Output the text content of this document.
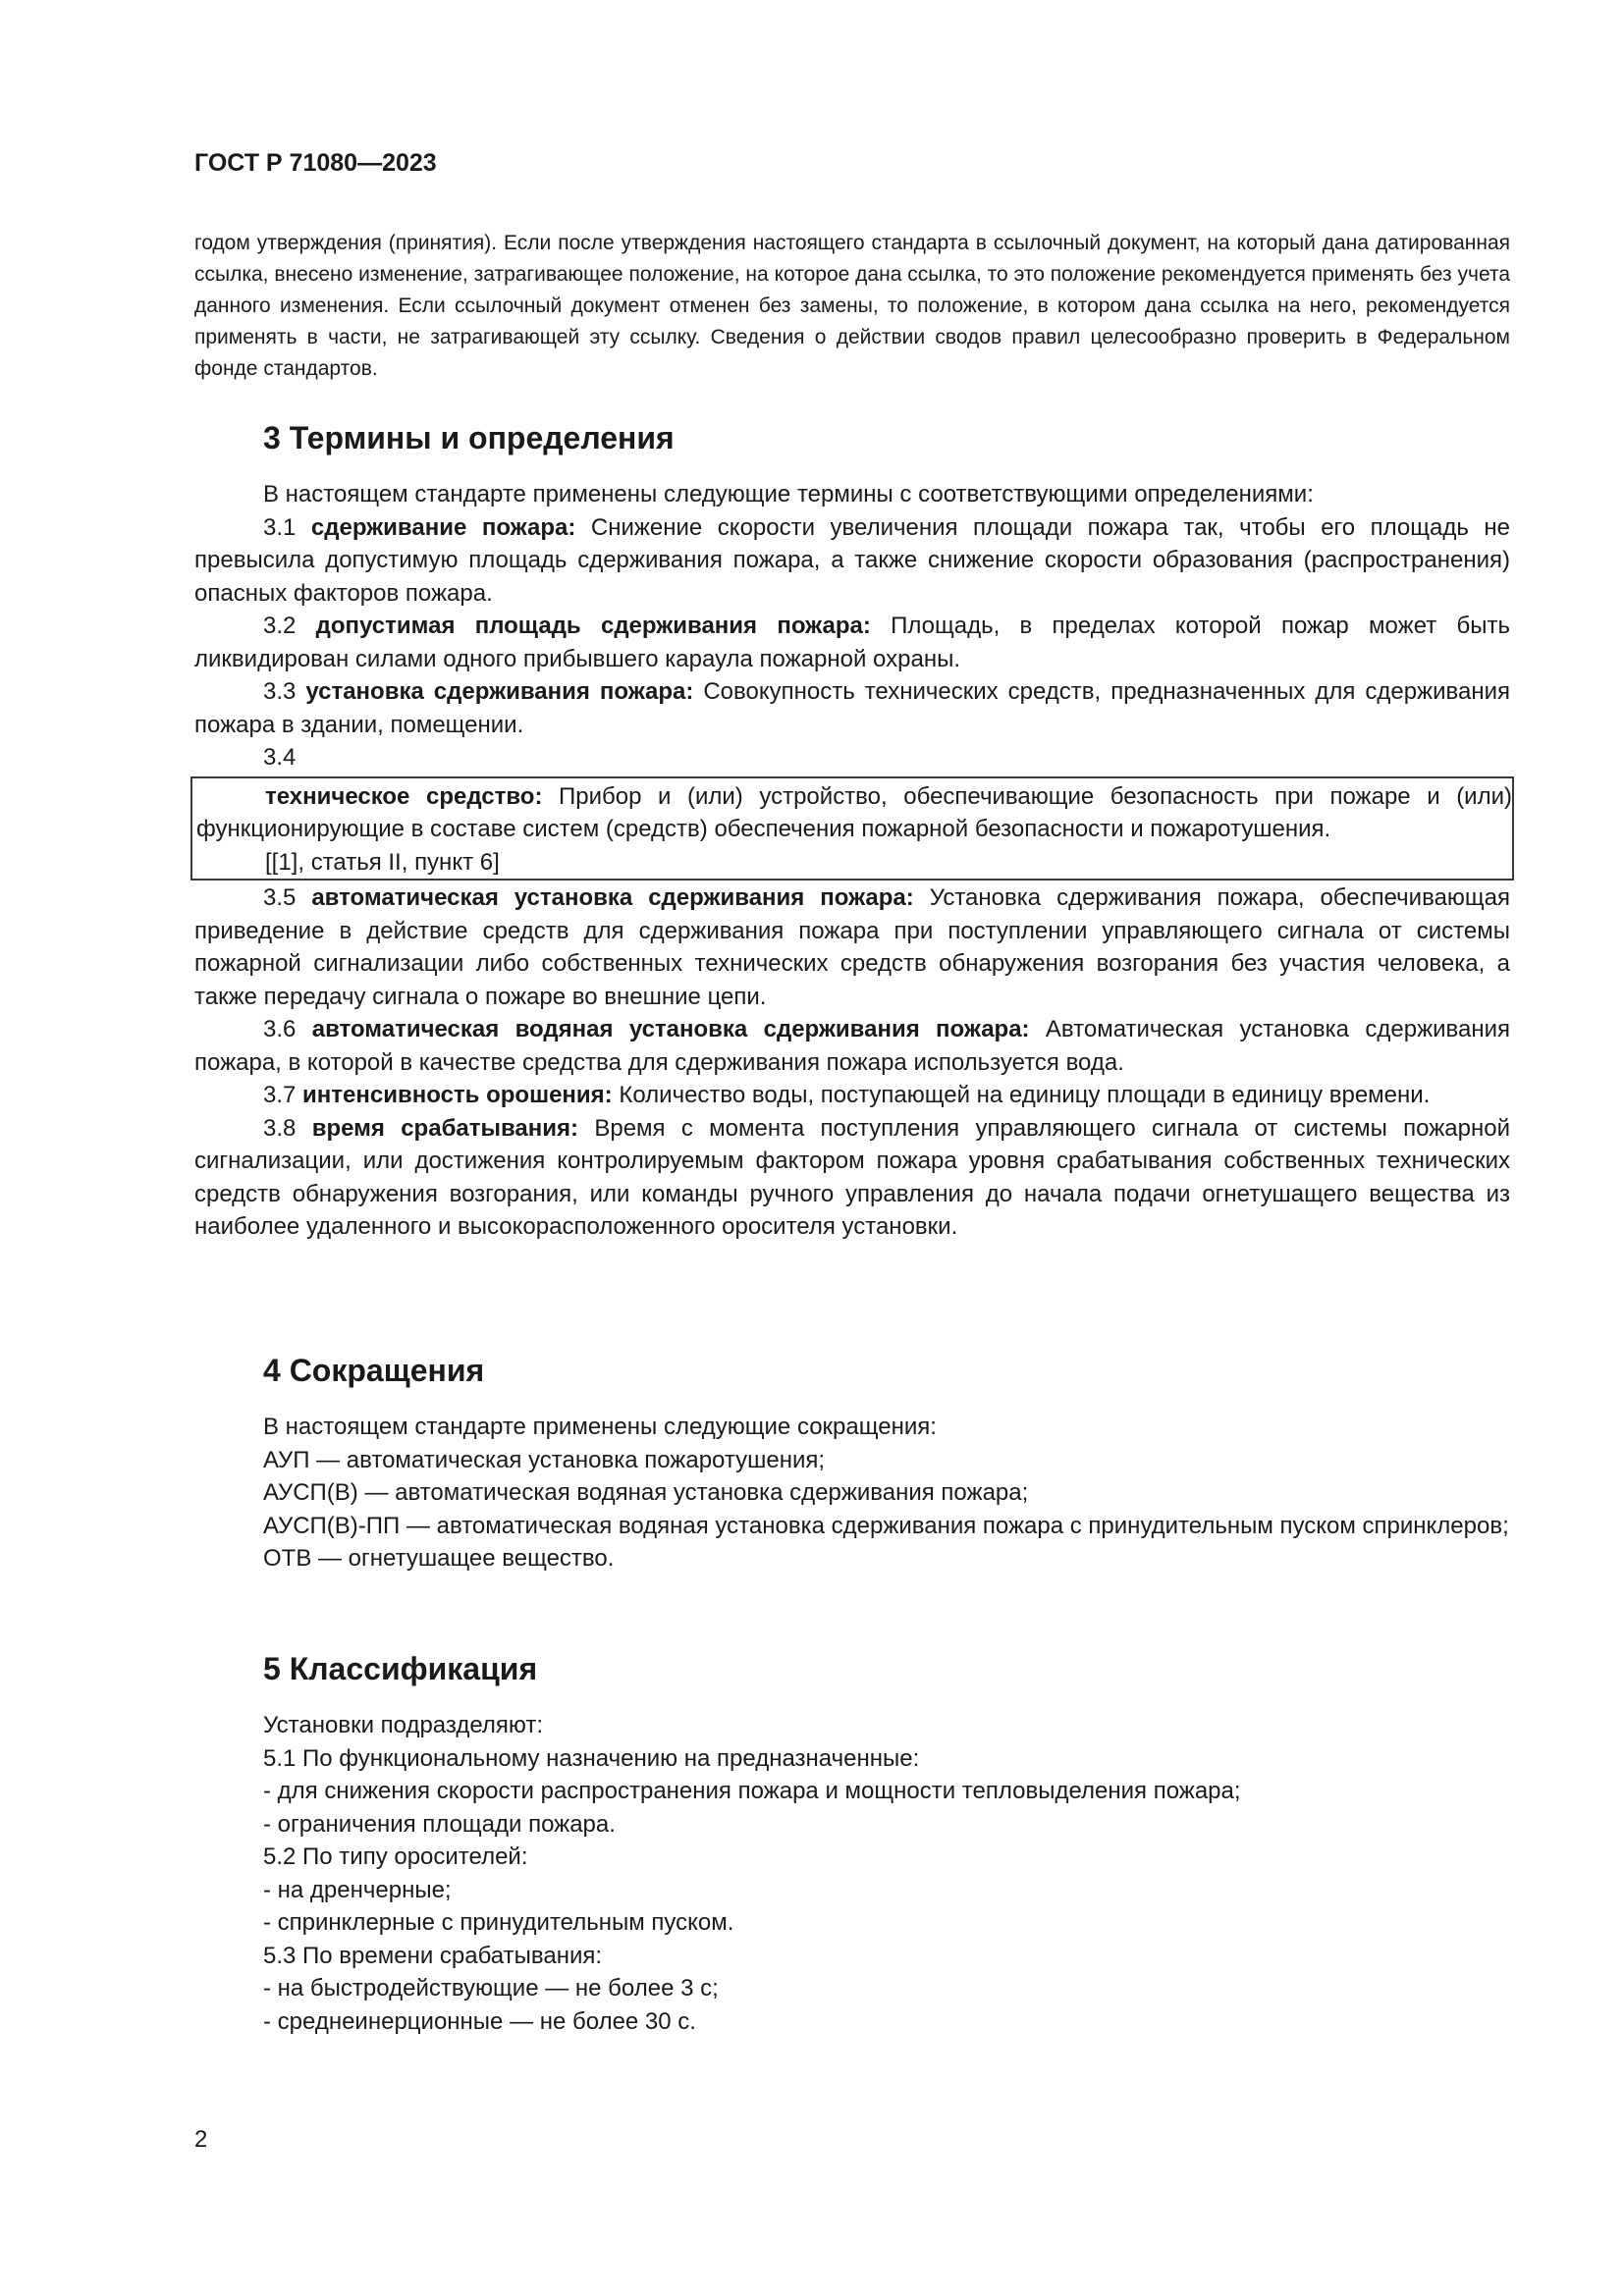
ГОСТ Р 71080—2023
годом утверждения (принятия). Если после утверждения настоящего стандарта в ссылочный документ, на который дана датированная ссылка, внесено изменение, затрагивающее положение, на которое дана ссылка, то это положение рекомендуется применять без учета данного изменения. Если ссылочный документ отменен без замены, то положение, в котором дана ссылка на него, рекомендуется применять в части, не затрагивающей эту ссылку. Сведения о действии сводов правил целесообразно проверить в Федеральном фонде стандартов.
3 Термины и определения

В настоящем стандарте применены следующие термины с соответствующими определениями:

3.1 сдерживание пожара: Снижение скорости увеличения площади пожара так, чтобы его площадь не превысила допустимую площадь сдерживания пожара, а также снижение скорости образования (распространения) опасных факторов пожара.

3.2 допустимая площадь сдерживания пожара: Площадь, в пределах которой пожар может быть ликвидирован силами одного прибывшего караула пожарной охраны.

3.3 установка сдерживания пожара: Совокупность технических средств, предназначенных для сдерживания пожара в здании, помещении.

3.4

техническое средство: Прибор и (или) устройство, обеспечивающие безопасность при пожаре и (или) функционирующие в составе систем (средств) обеспечения пожарной безопасности и пожаротушения.

[[1], статья II, пункт 6]

3.5 автоматическая установка сдерживания пожара: Установка сдерживания пожара, обеспечивающая приведение в действие средств для сдерживания пожара при поступлении управляющего сигнала от системы пожарной сигнализации либо собственных технических средств обнаружения возгорания без участия человека, а также передачу сигнала о пожаре во внешние цепи.

3.6 автоматическая водяная установка сдерживания пожара: Автоматическая установка сдерживания пожара, в которой в качестве средства для сдерживания пожара используется вода.

3.7 интенсивность орошения: Количество воды, поступающей на единицу площади в единицу времени.

3.8 время срабатывания: Время с момента поступления управляющего сигнала от системы пожарной сигнализации, или достижения контролируемым фактором пожара уровня срабатывания собственных технических средств обнаружения возгорания, или команды ручного управления до начала подачи огнетушащего вещества из наиболее удаленного и высокорасположенного оросителя установки.

4 Сокращения

В настоящем стандарте применены следующие сокращения:

АУП — автоматическая установка пожаротушения;

АУСП(В) — автоматическая водяная установка сдерживания пожара;

АУСП(В)-ПП — автоматическая водяная установка сдерживания пожара с принудительным пуском спринклеров;

ОТВ — огнетушащее вещество.

5 Классификация

Установки подразделяют:

5.1 По функциональному назначению на предназначенные:

- для снижения скорости распространения пожара и мощности тепловыделения пожара;

- ограничения площади пожара.

5.2 По типу оросителей:

- на дренчерные;

- спринклерные с принудительным пуском.

5.3 По времени срабатывания:

- на быстродействующие — не более 3 с;

- среднеинерционные — не более 30 с.

2
